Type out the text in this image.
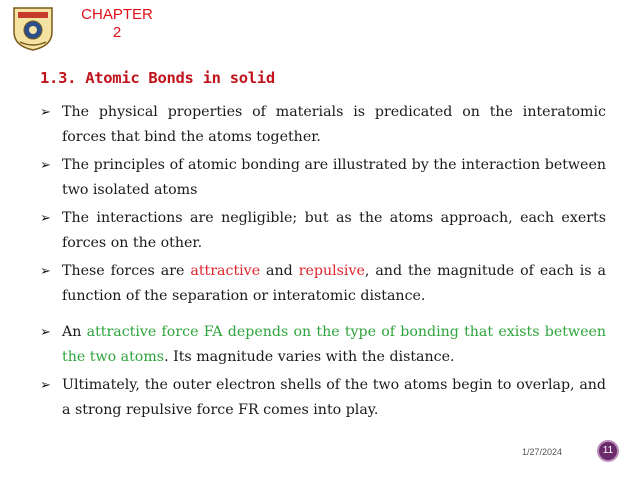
CHAPTER
2
1.3. Atomic Bonds in solid
➢ The physical properties of materials is predicated on the interatomic forces that bind the atoms together.
➢ The principles of atomic bonding are illustrated by the interaction between two isolated atoms
➢ The interactions are negligible; but as the atoms approach, each exerts forces on the other.
➢ These forces are attractive and repulsive, and the magnitude of each is a function of the separation or interatomic distance.
➢ An attractive force FA depends on the type of bonding that exists between the two atoms. Its magnitude varies with the distance.
➢ Ultimately, the outer electron shells of the two atoms begin to overlap, and a strong repulsive force FR comes into play.
1/27/2024	11
